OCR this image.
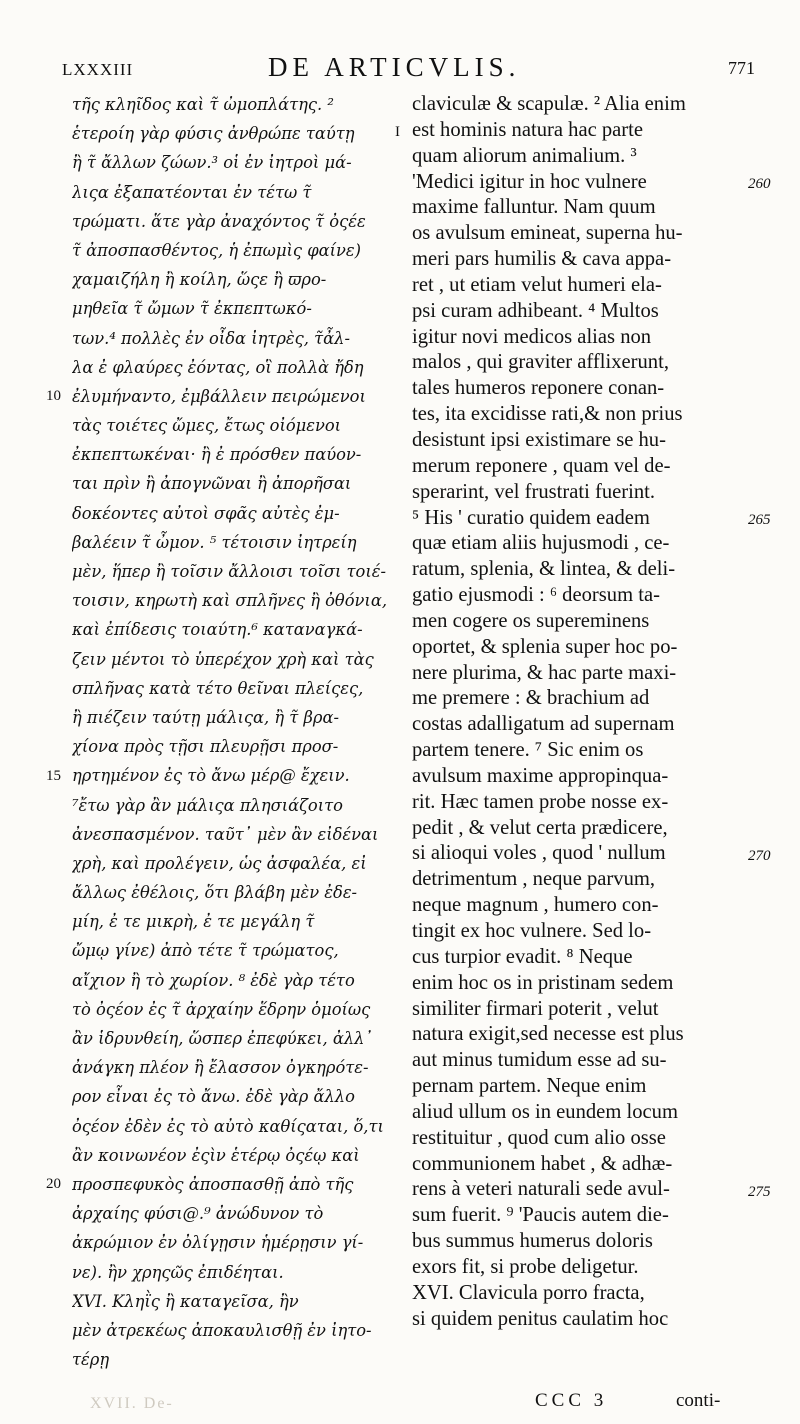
LXXXIII	DE ARTICVLIS.	771
τῆς κληῖδος καὶ τ̃ ὠμοπλάτης. ²
ἑτεροίη γὰρ φύσις ἀνθρώπε ταύτῃ
ἢ τ̃ ἄλλων ζώων.³ οἱ ἐν ἰητροὶ μά-
λιςα ἐξαπατέονται ἐν τέτω τ̃
τρώματι. ἅτε γὰρ ἀναχόντος τ̃ ὀςέε
τ̃ ἀποσπασθέντος, ἡ ἐπωμὶς φαίνε)
χαμαιζήλη ἢ κοίλη, ὥςε ἢ ϖρο-
μηθεῖα τ̃ ὤμων τ̃ ἐκπεπτωκό-
των.⁴ πολλὲς ἐν οἶδα ἰητρὲς, τ̃ἆλ-
λα ἐ φλαύρες ἐόντας, οἳ πολλὰ ἤδη
ἐλυμήναντο, ἐμβάλλειν πειρώμενοι
τὰς τοιέτες ὤμες, ἔτως οἰόμενοι
ἐκπεπτωκέναι· ἢ ἐ πρόσθεν παύον-
ται πρὶν ἢ ἀπογνῶναι ἢ ἀπορῆσαι
δοκέοντες αὐτοὶ σφᾶς αὐτὲς ἐμ-
βαλέειν τ̃ ὦμον. ⁵ τέτοισιν ἰητρείη
μὲν, ἥπερ ἢ τοῖσιν ἄλλοισι τοῖσι τοιέ-
τοισιν, κηρωτὴ καὶ σπλῆνες ἢ ὀθόνια,
καὶ ἐπίδεσις τοιαύτη.⁶ καταναγκά-
ζειν μέντοι τὸ ὑπερέχον χρὴ καὶ τὰς
σπλῆνας κατὰ τέτο θεῖναι πλείςες,
ἢ πιέζειν ταύτῃ μάλιςα, ἢ τ̃ βρα-
χίονα πρὸς τῇσι πλευρῇσι προσ-
ηρτημένον ἐς τὸ ἄνω μέρ@ ἔχειν.
⁷ἔτω γὰρ ἂν μάλιςα πλησιάζοιτο
ἀνεσπασμένον. ταῦτ᾽ μὲν ἂν εἰδέναι
χρὴ, καὶ προλέγειν, ὡς ἀσφαλέα, εἰ
ἄλλως ἐθέλοις, ὅτι βλάβη μὲν ἐδε-
μίη, ἐ τε μικρὴ, ἐ τε μεγάλη τ̃
ὤμῳ γίνε) ἀπὸ τέτε τ̃ τρώματος,
αἴχιον ἢ τὸ χωρίον. ⁸ ἐδὲ γὰρ τέτο
τὸ ὀςέον ἐς τ̃ ἀρχαίην ἕδρην ὁμοίως
ἂν ἱδρυνθείη, ὥσπερ ἐπεφύκει, ἀλλ᾽
ἀνάγκη πλέον ἢ ἔλασσον ὀγκηρότε-
ρον εἶναι ἐς τὸ ἄνω. ἐδὲ γὰρ ἄλλο
ὀςέον ἐδὲν ἐς τὸ αὐτὸ καθίςαται, ὅ,τι
ἂν κοινωνέον ἐςὶν ἑτέρῳ ὀςέῳ καὶ
προσπεφυκὸς ἀποσπασθῇ ἀπὸ τῆς
ἀρχαίης φύσι@.⁹ ἀνώδυνον τὸ
ἀκρώμιον ἐν ὀλίγῃσιν ἡμέρῃσιν γί-
νε). ἢν χρηςῶς ἐπιδέηται.
XVI. Κληῒς ἢ καταγεῖσα, ἢν
μὲν ἀτρεκέως ἀποκαυλισθῇ ἐν ἰητο-
τέρῃ
claviculæ & scapulæ. ² Alia enim
est hominis natura hac parte
quam aliorum animalium. ³
'Medici igitur in hoc vulnere
maxime falluntur. Nam quum
os avulsum emineat, superna hu-
meri pars humilis & cava appa-
ret , ut etiam velut humeri ela-
psi curam adhibeant. ⁴ Multos
igitur novi medicos alias non
malos , qui graviter afflixerunt,
tales humeros reponere conan-
tes, ita excidisse rati,& non prius
desistunt ipsi existimare se hu-
merum reponere , quam vel de-
sperarint, vel frustrati fuerint.
⁵ His ' curatio quidem eadem
quæ etiam aliis hujusmodi , ce-
ratum, splenia, & lintea, & deli-
gatio ejusmodi : ⁶ deorsum ta-
men cogere os supereminens
oportet, & splenia super hoc po-
nere plurima, & hac parte maxi-
me premere : & brachium ad
costas adalligatum ad supernam
partem tenere. ⁷ Sic enim os
avulsum maxime appropinqua-
rit. Hæc tamen probe nosse ex-
pedit , & velut certa prædicere,
si alioqui voles , quod ' nullum
detrimentum , neque parvum,
neque magnum , humero con-
tingit ex hoc vulnere. Sed lo-
cus turpior evadit. ⁸ Neque
enim hoc os in pristinam sedem
similiter firmari poterit , velut
natura exigit,sed necesse est plus
aut minus tumidum esse ad su-
pernam partem. Neque enim
aliud ullum os in eundem locum
restituitur , quod cum alio osse
communionem habet , & adhæ-
rens à veteri naturali sede avul-
sum fuerit. ⁹ 'Paucis autem die-
bus summus humerus doloris
exors fit, si probe deligetur.
XVI. Clavicula porro fracta,
si quidem penitus caulatim hoc
10
15
20
260
265
270
275
I
XVII. De-	CCC 3	conti-
